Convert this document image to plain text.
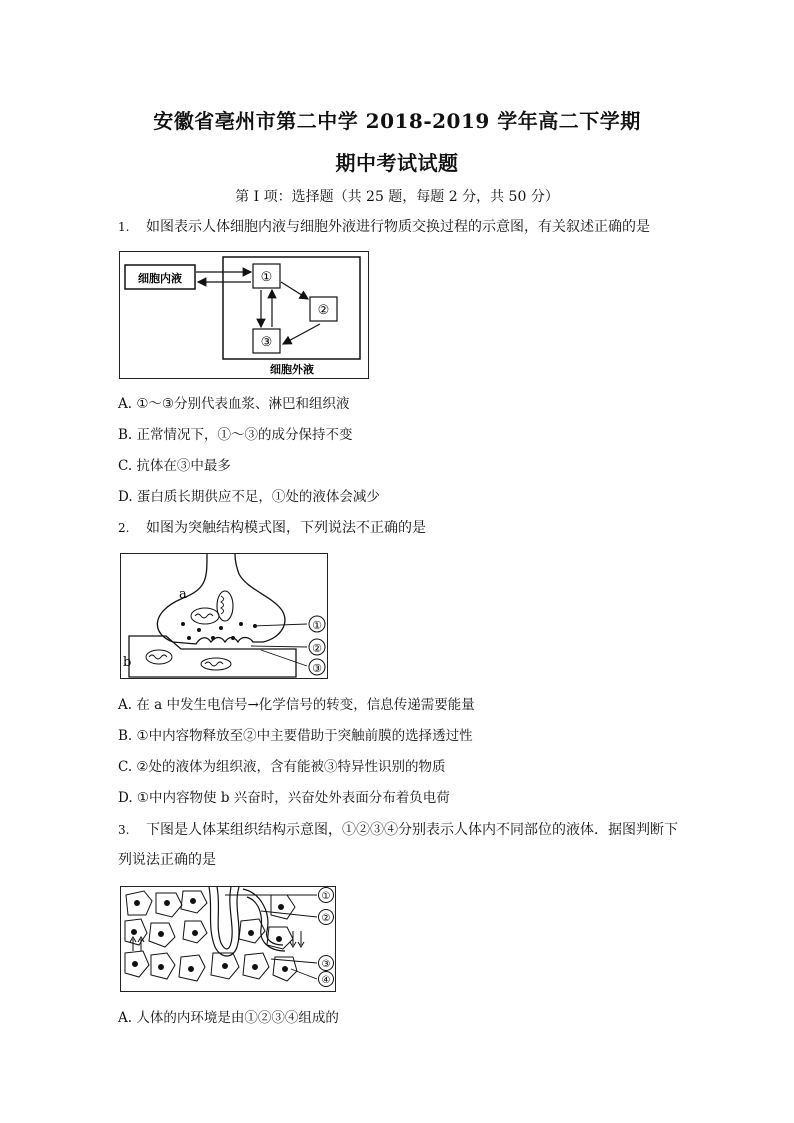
安徽省亳州市第二中学 2018-2019 学年高二下学期
期中考试试题
第 I 项：选择题（共 25 题，每题 2 分，共 50 分）
1. 如图表示人体细胞内液与细胞外液进行物质交换过程的示意图，有关叙述正确的是
细胞内液
细胞外液
①
②
③
A. ①～③分别代表血浆、淋巴和组织液
B. 正常情况下，①～③的成分保持不变
C. 抗体在③中最多
D. 蛋白质长期供应不足，①处的液体会减少
2. 如图为突触结构模式图，下列说法不正确的是
a
b
①
②
③
A. 在 a 中发生电信号→化学信号的转变，信息传递需要能量
B. ①中内容物释放至②中主要借助于突触前膜的选择透过性
C. ②处的液体为组织液，含有能被③特异性识别的物质
D. ①中内容物使 b 兴奋时，兴奋处外表面分布着负电荷
3. 下图是人体某组织结构示意图，①②③④分别表示人体内不同部位的液体．据图判断下
列说法正确的是
①
②
③
④
A. 人体的内环境是由①②③④组成的
